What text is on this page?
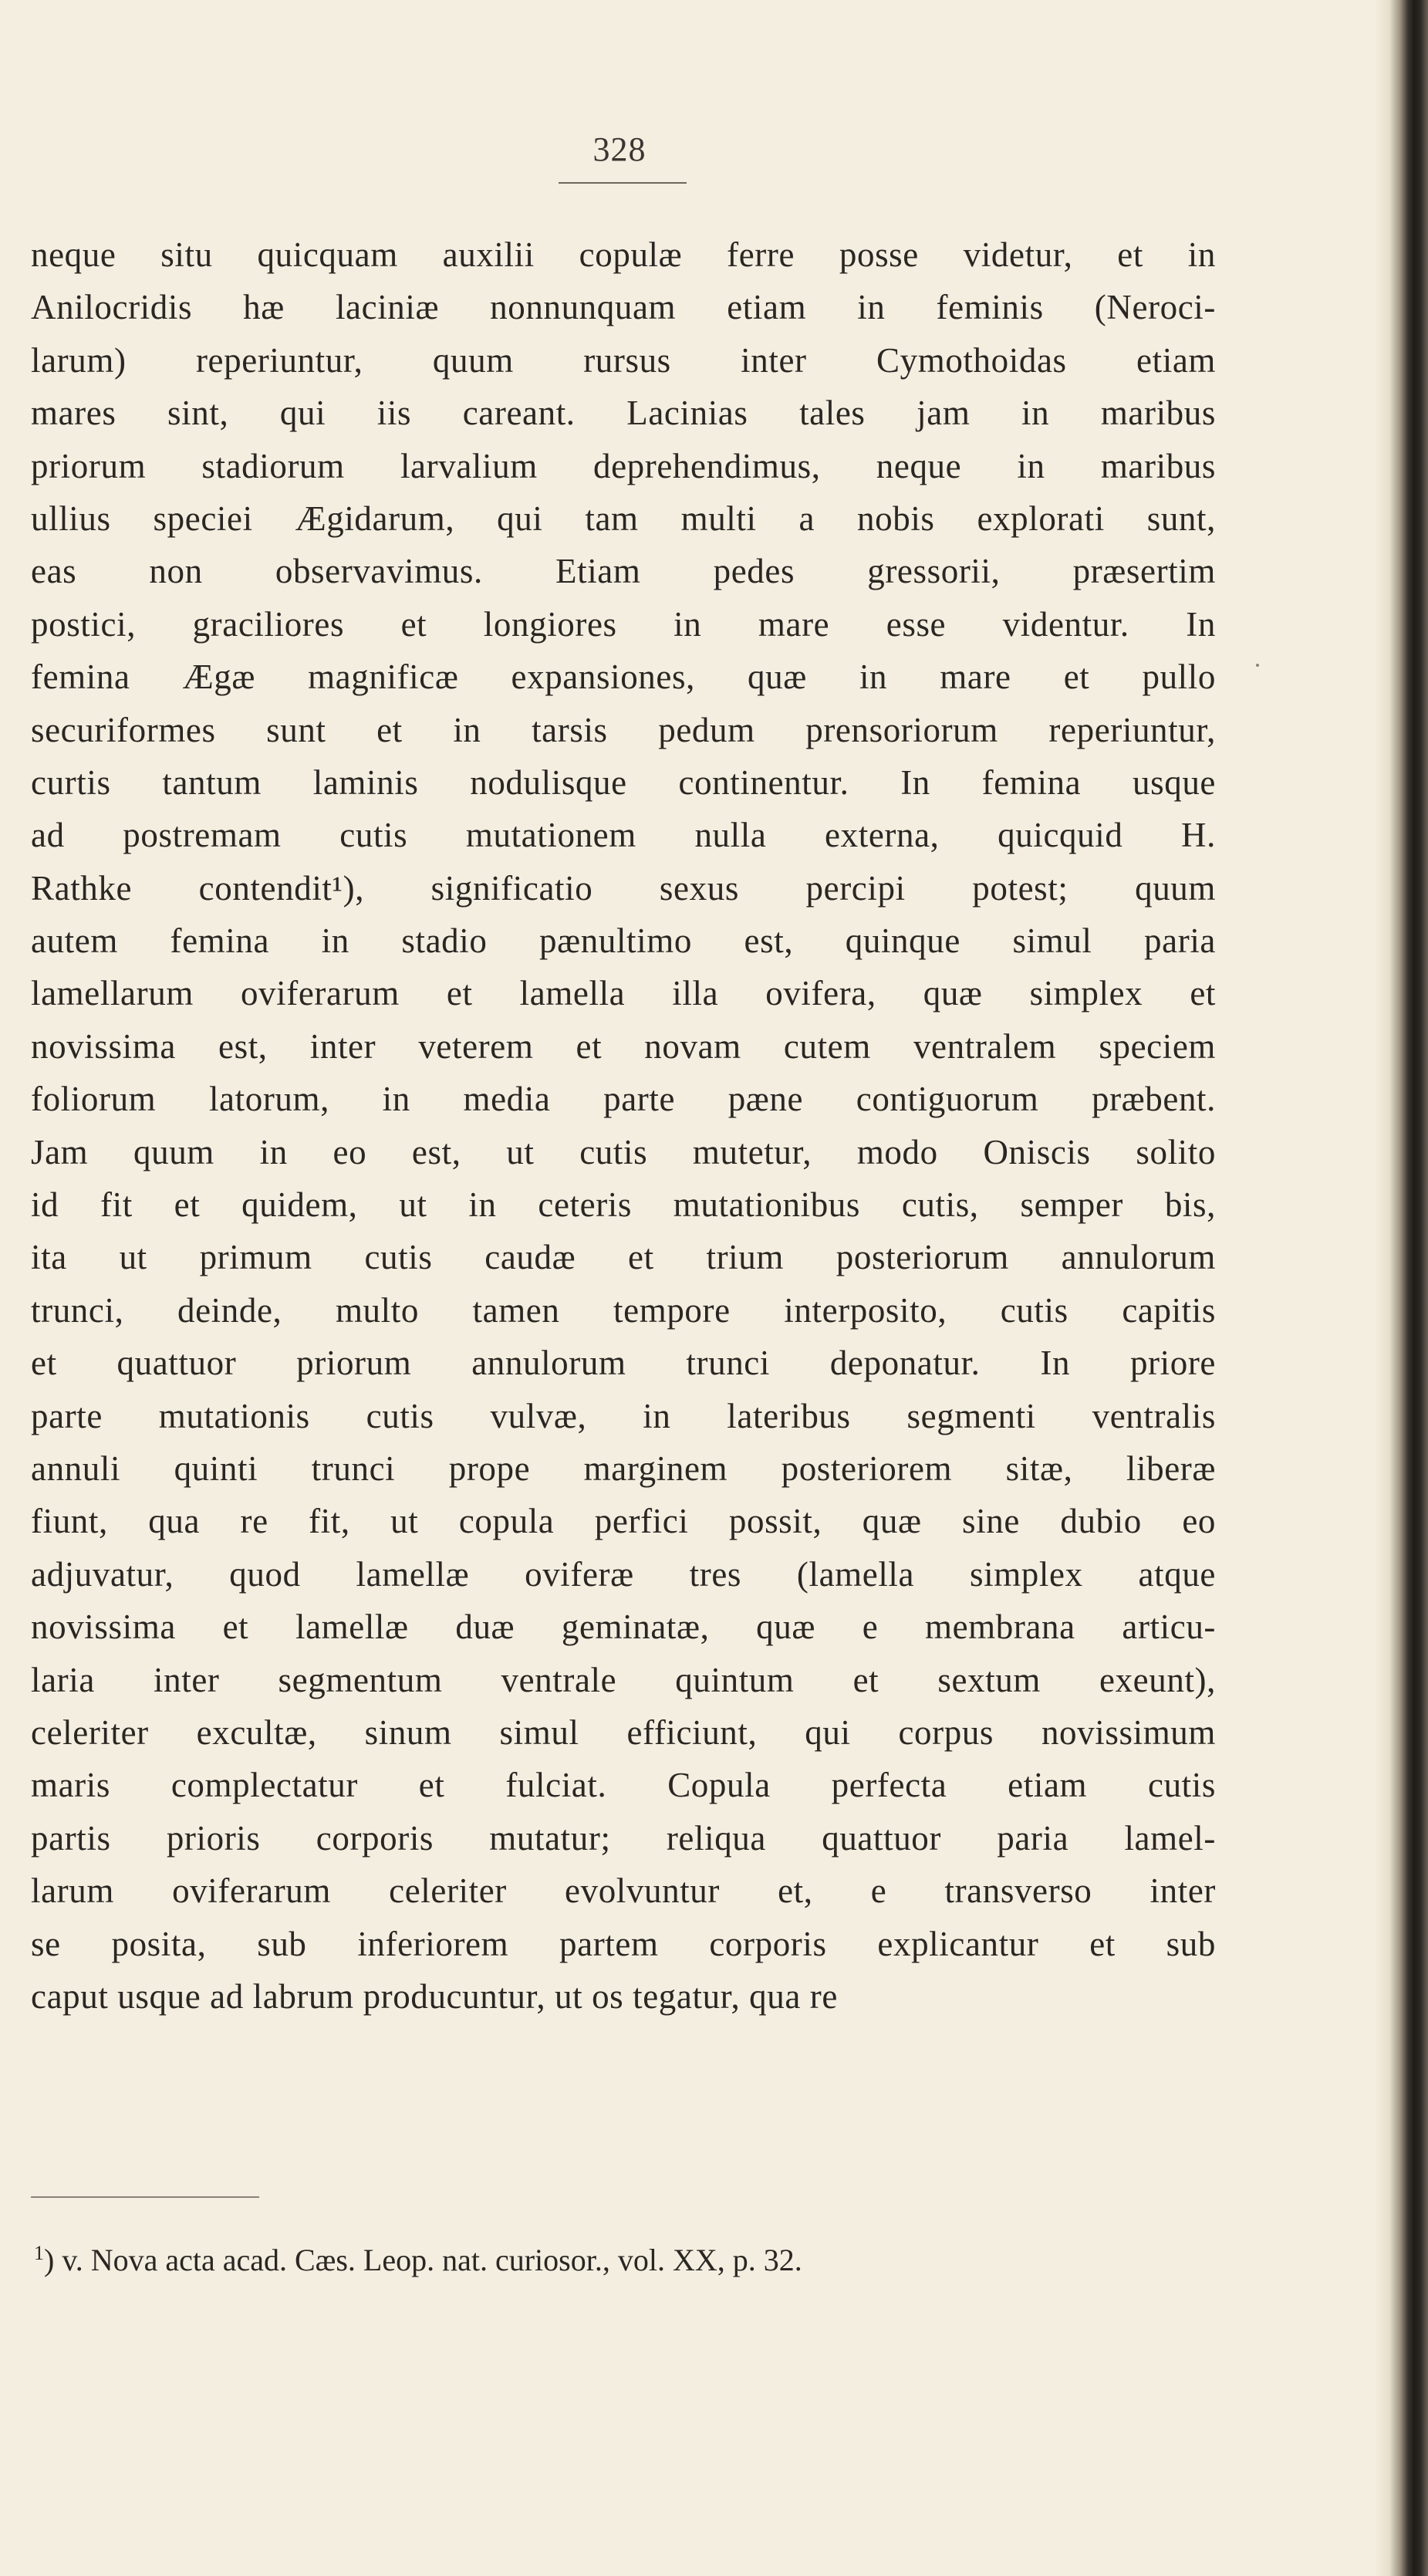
328
neque situ quicquam auxilii copulæ ferre posse videtur, et in
Anilocridis hæ laciniæ nonnunquam etiam in feminis (Neroci-
larum) reperiuntur, quum rursus inter Cymothoidas etiam
mares sint, qui iis careant. Lacinias tales jam in maribus
priorum stadiorum larvalium deprehendimus, neque in maribus
ullius speciei Ægidarum, qui tam multi a nobis explorati sunt,
eas non observavimus. Etiam pedes gressorii, præsertim
postici, graciliores et longiores in mare esse videntur. In
femina Ægæ magnificæ expansiones, quæ in mare et pullo
securiformes sunt et in tarsis pedum prensoriorum reperiuntur,
curtis tantum laminis nodulisque continentur. In femina usque
ad postremam cutis mutationem nulla externa, quicquid H.
Rathke contendit¹), significatio sexus percipi potest; quum
autem femina in stadio pænultimo est, quinque simul paria
lamellarum oviferarum et lamella illa ovifera, quæ simplex et
novissima est, inter veterem et novam cutem ventralem speciem
foliorum latorum, in media parte pæne contiguorum præbent.
Jam quum in eo est, ut cutis mutetur, modo Oniscis solito
id fit et quidem, ut in ceteris mutationibus cutis, semper bis,
ita ut primum cutis caudæ et trium posteriorum annulorum
trunci, deinde, multo tamen tempore interposito, cutis capitis
et quattuor priorum annulorum trunci deponatur. In priore
parte mutationis cutis vulvæ, in lateribus segmenti ventralis
annuli quinti trunci prope marginem posteriorem sitæ, liberæ
fiunt, qua re fit, ut copula perfici possit, quæ sine dubio eo
adjuvatur, quod lamellæ oviferæ tres (lamella simplex atque
novissima et lamellæ duæ geminatæ, quæ e membrana articu-
laria inter segmentum ventrale quintum et sextum exeunt),
celeriter excultæ, sinum simul efficiunt, qui corpus novissimum
maris complectatur et fulciat. Copula perfecta etiam cutis
partis prioris corporis mutatur; reliqua quattuor paria lamel-
larum oviferarum celeriter evolvuntur et, e transverso inter
se posita, sub inferiorem partem corporis explicantur et sub
caput usque ad labrum producuntur, ut os tegatur, qua re
$^1$) v. Nova acta acad. Cæs. Leop. nat. curiosor., vol. XX, p. 32.
